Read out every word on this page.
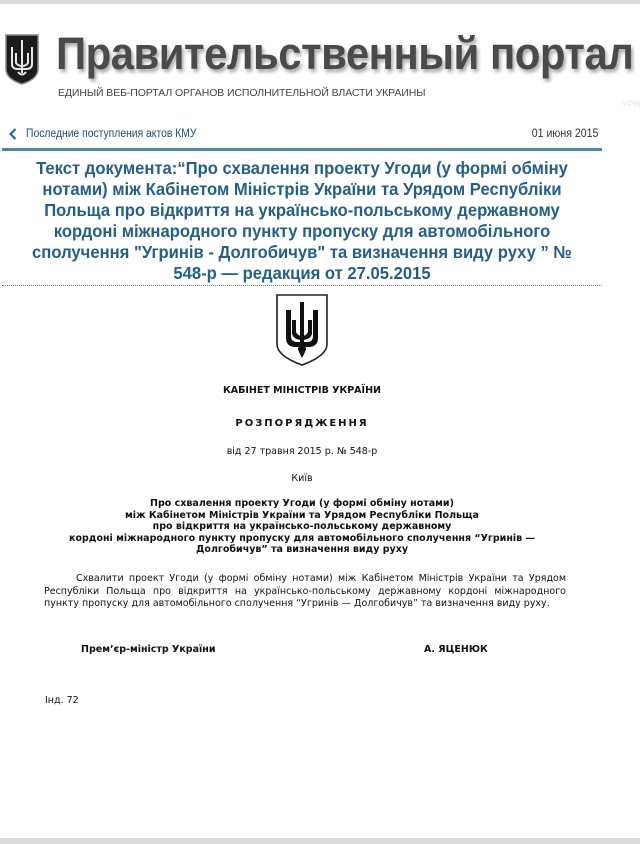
Правительственный портал
ЕДИНЫЙ ВЕБ-ПОРТАЛ ОРГАНОВ ИСПОЛНИТЕЛЬНОЙ ВЛАСТИ УКРАИНЫ
УРЯ
Последние поступления актов КМУ	01 июня 2015
Текст документа:“Про схвалення проекту Угоди (у формі обміну нотами) між Кабінетом Міністрів України та Урядом Республіки Польща про відкриття на українсько-польському державному кордоні міжнародного пункту пропуску для автомобільного сполучення "Угринів - Долгобичув" та визначення виду руху ” № 548-р — редакция от 27.05.2015
КАБІНЕТ МІНІСТРІВ УКРАЇНИ
РОЗПОРЯДЖЕННЯ
від 27 травня 2015 р. № 548-р
Київ
Про схвалення проекту Угоди (у формі обміну нотами)
між Кабінетом Міністрів України та Урядом Республіки Польща
про відкриття на українсько-польському державному
кордоні міжнародного пункту пропуску для автомобільного сполучення “Угринів —
Долгобичув” та визначення виду руху
Схвалити проект Угоди (у формі обміну нотами) між Кабінетом Міністрів України та Урядом Республіки Польща про відкриття на українсько-польському державному кордоні міжнародного пункту пропуску для автомобільного сполучення “Угринів — Долгобичув” та визначення виду руху.
Прем’єр-міністр України	А. ЯЦЕНЮК
Інд. 72
